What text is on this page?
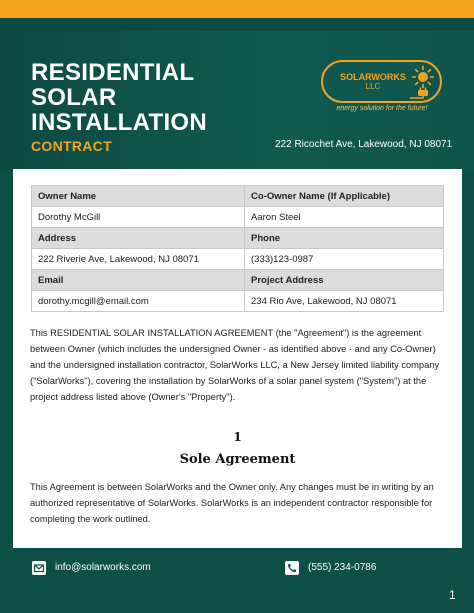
RESIDENTIAL
SOLAR
INSTALLATION
CONTRACT
SOLARWORKS
LLC
energy solution for the future!
222 Ricochet Ave, Lakewood, NJ 08071
Owner Name	Co-Owner Name (If Applicable)
Dorothy McGill	Aaron Steel
Address	Phone
222 Riverie Ave, Lakewood, NJ 08071	(333)123-0987
Email	Project Address
dorothy.mcgill@email.com	234 Rio Ave, Lakewood, NJ 08071
This RESIDENTIAL SOLAR INSTALLATION AGREEMENT (the "Agreement") is the agreement
between Owner (which includes the undersigned Owner - as identified above - and any Co-Owner)
and the undersigned installation contractor, SolarWorks LLC, a New Jersey limited liability company
("SolarWorks"), covering the installation by SolarWorks of a solar panel system ("System") at the
project address listed above (Owner's "Property").
1
Sole Agreement
This Agreement is between SolarWorks and the Owner only. Any changes must be in writing by an
authorized representative of SolarWorks. SolarWorks is an independent contractor responsible for
completing the work outlined.
info@solarworks.com	(555) 234-0786
1
